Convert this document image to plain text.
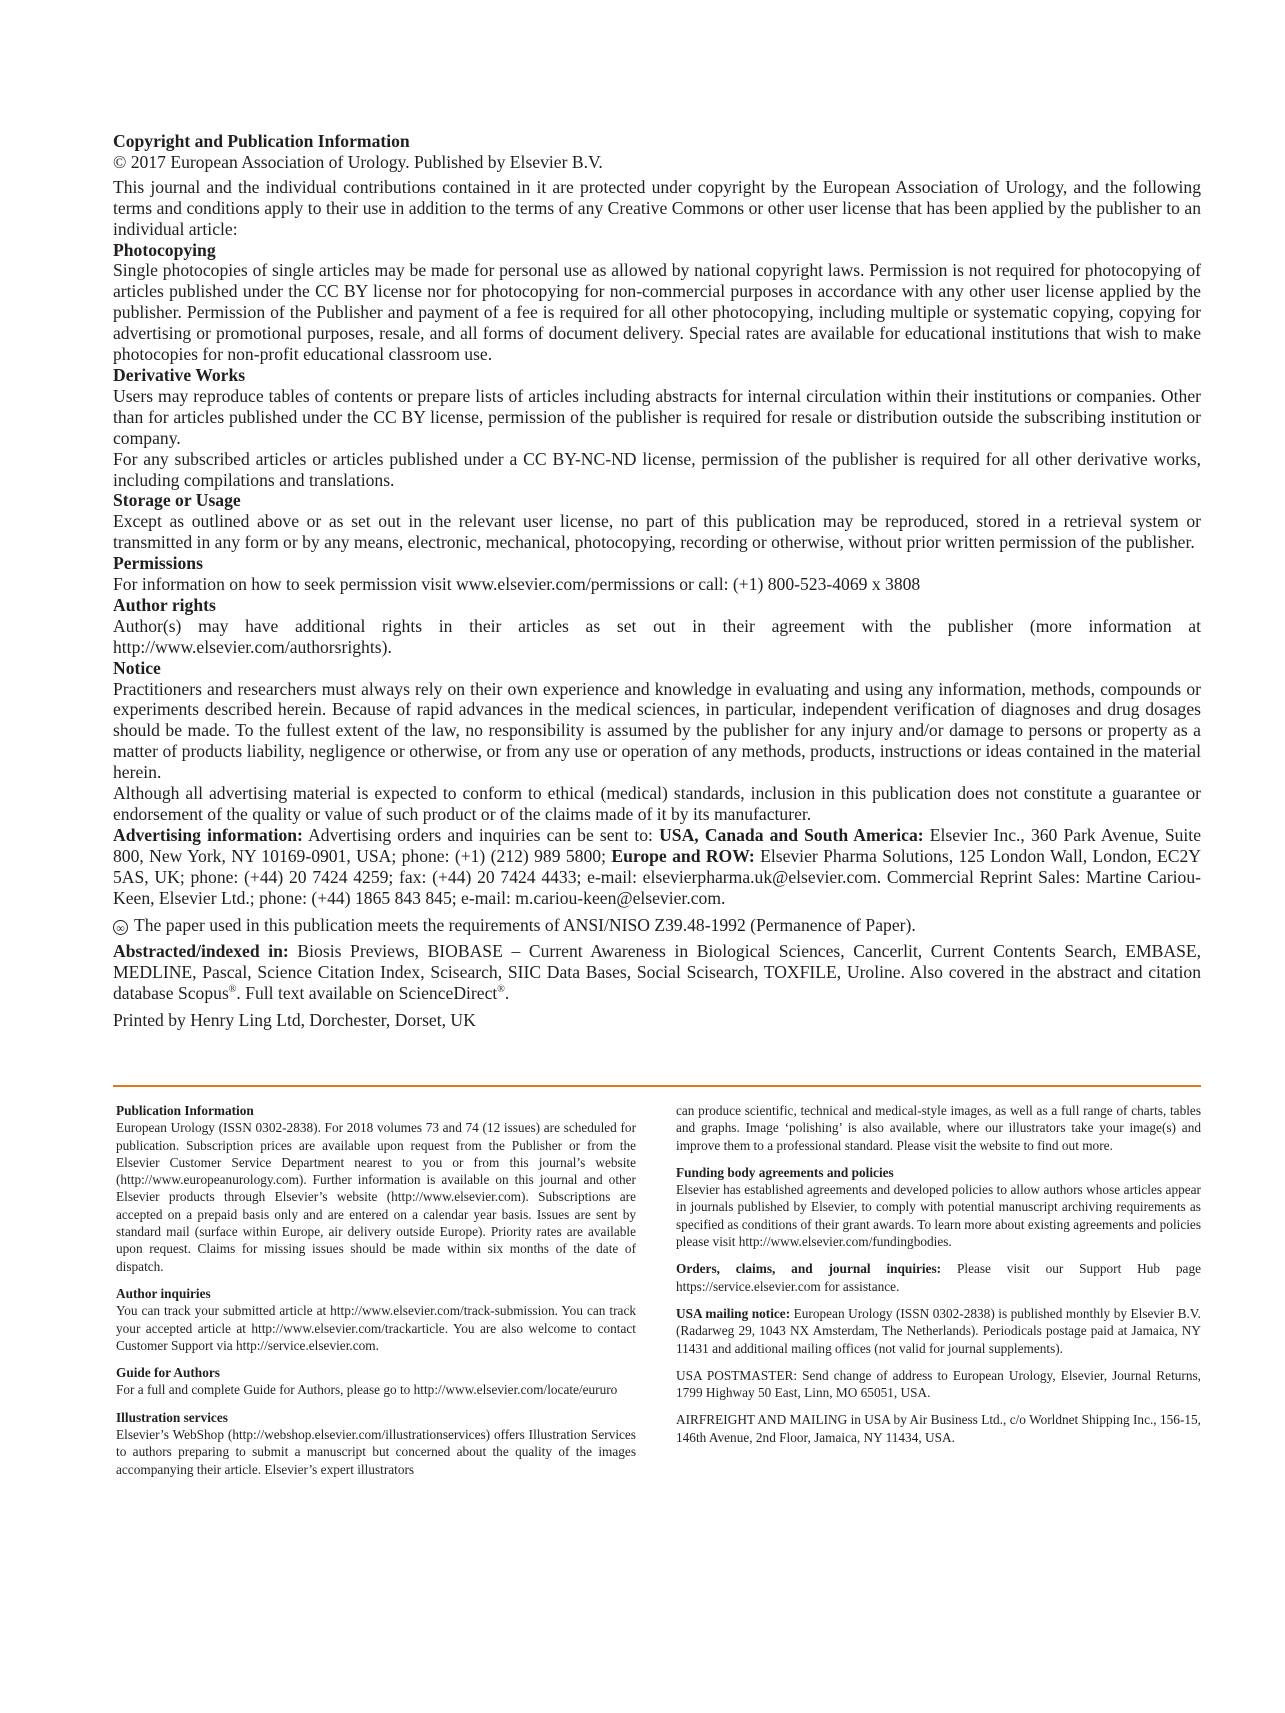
Copyright and Publication Information

© 2017 European Association of Urology. Published by Elsevier B.V.

This journal and the individual contributions contained in it are protected under copyright by the European Association of Urology, and the following terms and conditions apply to their use in addition to the terms of any Creative Commons or other user license that has been applied by the publisher to an individual article:

Photocopying

Single photocopies of single articles may be made for personal use as allowed by national copyright laws. Permission is not required for photocopying of articles published under the CC BY license nor for photocopying for non-commercial purposes in accordance with any other user license applied by the publisher. Permission of the Publisher and payment of a fee is required for all other photocopying, including multiple or systematic copying, copying for advertising or promotional purposes, resale, and all forms of document delivery. Special rates are available for educational institutions that wish to make photocopies for non-profit educational classroom use.

Derivative Works

Users may reproduce tables of contents or prepare lists of articles including abstracts for internal circulation within their institutions or companies. Other than for articles published under the CC BY license, permission of the publisher is required for resale or distribution outside the subscribing institution or company.

For any subscribed articles or articles published under a CC BY-NC-ND license, permission of the publisher is required for all other derivative works, including compilations and translations.

Storage or Usage

Except as outlined above or as set out in the relevant user license, no part of this publication may be reproduced, stored in a retrieval system or transmitted in any form or by any means, electronic, mechanical, photocopying, recording or otherwise, without prior written permission of the publisher.

Permissions

For information on how to seek permission visit www.elsevier.com/permissions or call: (+1) 800-523-4069 x 3808

Author rights

Author(s) may have additional rights in their articles as set out in their agreement with the publisher (more information at http://www.elsevier.com/authorsrights).

Notice

Practitioners and researchers must always rely on their own experience and knowledge in evaluating and using any information, methods, compounds or experiments described herein. Because of rapid advances in the medical sciences, in particular, independent verification of diagnoses and drug dosages should be made. To the fullest extent of the law, no responsibility is assumed by the publisher for any injury and/or damage to persons or property as a matter of products liability, negligence or otherwise, or from any use or operation of any methods, products, instructions or ideas contained in the material herein.

Although all advertising material is expected to conform to ethical (medical) standards, inclusion in this publication does not constitute a guarantee or endorsement of the quality or value of such product or of the claims made of it by its manufacturer.

Advertising information: Advertising orders and inquiries can be sent to: USA, Canada and South America: Elsevier Inc., 360 Park Avenue, Suite 800, New York, NY 10169-0901, USA; phone: (+1) (212) 989 5800; Europe and ROW: Elsevier Pharma Solutions, 125 London Wall, London, EC2Y 5AS, UK; phone: (+44) 20 7424 4259; fax: (+44) 20 7424 4433; e-mail: elsevierpharma.uk@elsevier.com. Commercial Reprint Sales: Martine Cariou-Keen, Elsevier Ltd.; phone: (+44) 1865 843 845; e-mail: m.cariou-keen@elsevier.com.

∞ The paper used in this publication meets the requirements of ANSI/NISO Z39.48-1992 (Permanence of Paper).

Abstracted/indexed in: Biosis Previews, BIOBASE – Current Awareness in Biological Sciences, Cancerlit, Current Contents Search, EMBASE, MEDLINE, Pascal, Science Citation Index, Scisearch, SIIC Data Bases, Social Scisearch, TOXFILE, Uroline. Also covered in the abstract and citation database Scopus®. Full text available on ScienceDirect®.

Printed by Henry Ling Ltd, Dorchester, Dorset, UK

Publication Information

European Urology (ISSN 0302-2838). For 2018 volumes 73 and 74 (12 issues) are scheduled for publication. Subscription prices are available upon request from the Publisher or from the Elsevier Customer Service Department nearest to you or from this journal’s website (http://www.europeanurology.com). Further information is available on this journal and other Elsevier products through Elsevier’s website (http://www.elsevier.com). Subscriptions are accepted on a prepaid basis only and are entered on a calendar year basis. Issues are sent by standard mail (surface within Europe, air delivery outside Europe). Priority rates are available upon request. Claims for missing issues should be made within six months of the date of dispatch.

Author inquiries

You can track your submitted article at http://www.elsevier.com/track-submission. You can track your accepted article at http://www.elsevier.com/trackarticle. You are also welcome to contact Customer Support via http://service.elsevier.com.

Guide for Authors

For a full and complete Guide for Authors, please go to http://www.elsevier.com/locate/eururo

Illustration services

Elsevier’s WebShop (http://webshop.elsevier.com/illustrationservices) offers Illustration Services to authors preparing to submit a manuscript but concerned about the quality of the images accompanying their article. Elsevier’s expert illustrators

can produce scientific, technical and medical-style images, as well as a full range of charts, tables and graphs. Image ‘polishing’ is also available, where our illustrators take your image(s) and improve them to a professional standard. Please visit the website to find out more.

Funding body agreements and policies

Elsevier has established agreements and developed policies to allow authors whose articles appear in journals published by Elsevier, to comply with potential manuscript archiving requirements as specified as conditions of their grant awards. To learn more about existing agreements and policies please visit http://www.elsevier.com/fundingbodies.

Orders, claims, and journal inquiries: Please visit our Support Hub page https://service.elsevier.com for assistance.

USA mailing notice: European Urology (ISSN 0302-2838) is published monthly by Elsevier B.V. (Radarweg 29, 1043 NX Amsterdam, The Netherlands). Periodicals postage paid at Jamaica, NY 11431 and additional mailing offices (not valid for journal supplements).

USA POSTMASTER: Send change of address to European Urology, Elsevier, Journal Returns, 1799 Highway 50 East, Linn, MO 65051, USA.

AIRFREIGHT AND MAILING in USA by Air Business Ltd., c/o Worldnet Shipping Inc., 156-15, 146th Avenue, 2nd Floor, Jamaica, NY 11434, USA.
